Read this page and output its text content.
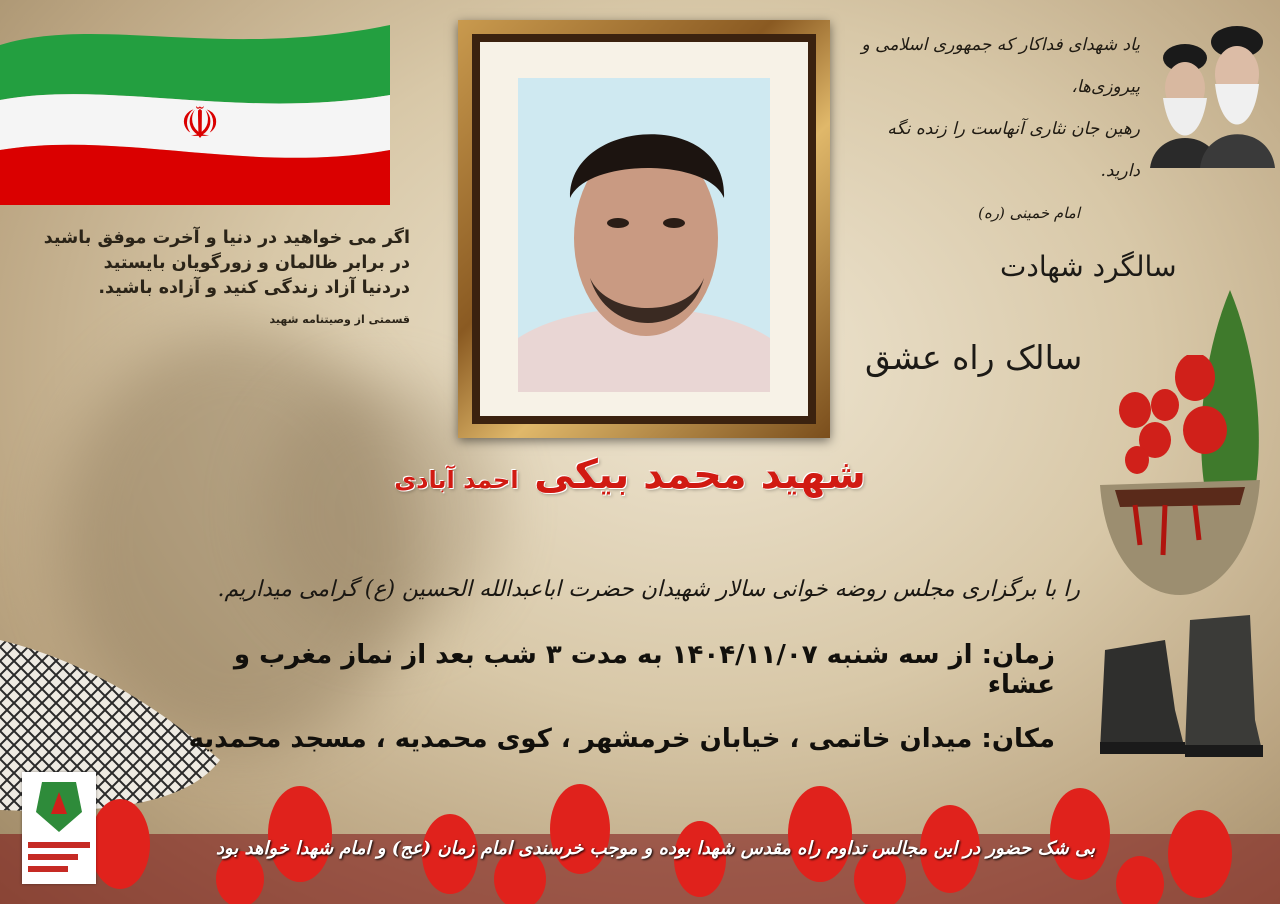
☫
اگر می خواهید در دنیا و آخرت موفق باشید
در برابر ظالمان و زورگویان بایستید
دردنیا آزاد زندگی کنید و آزاده باشید.
قسمتی از وصیتنامه شهید
یاد شهدای فداکار که جمهوری اسلامی و پیروزی‌ها،
رهین جان نثاری آنهاست را زنده نگه دارید.
امام خمینی (ره)
سالگرد شهادت
سالک راه عشق
شهید محمد بیکی احمد آبادی
را با برگزاری مجلس روضه خوانی سالار شهیدان حضرت اباعبدالله الحسین (ع) گرامی میداریم.
زمان: از سه شنبه ۱۴۰۴/۱۱/۰۷ به مدت ۳ شب بعد از نماز مغرب و عشاء
مکان: میدان خاتمی ، خیابان خرمشهر ، کوی محمدیه ، مسجد محمدیه
بی شک حضور در این مجالس تداوم راه مقدس شهدا بوده و موجب خرسندی امام زمان (عج) و امام شهدا خواهد بود
